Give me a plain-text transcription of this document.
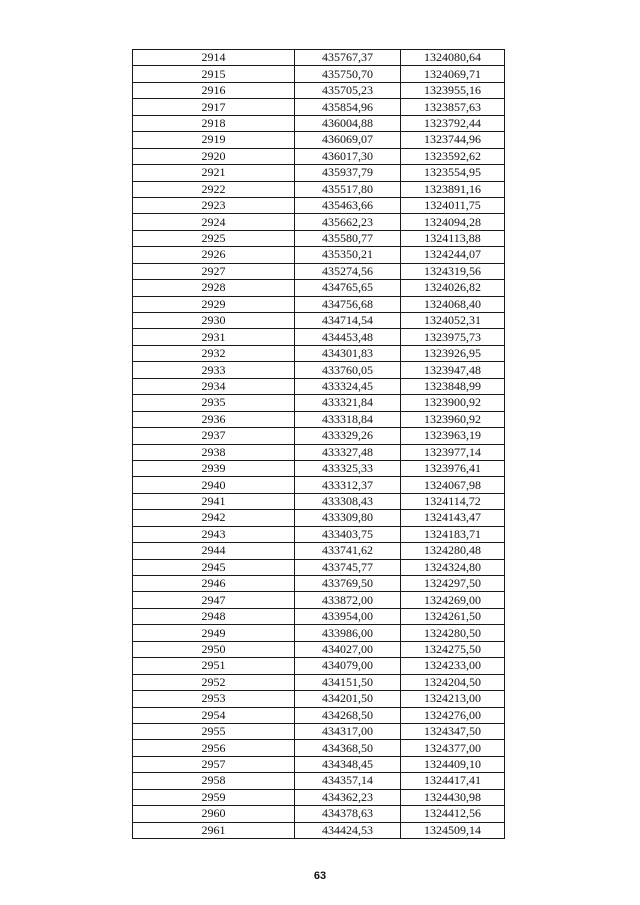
2914	435767,37	1324080,64
2915	435750,70	1324069,71
2916	435705,23	1323955,16
2917	435854,96	1323857,63
2918	436004,88	1323792,44
2919	436069,07	1323744,96
2920	436017,30	1323592,62
2921	435937,79	1323554,95
2922	435517,80	1323891,16
2923	435463,66	1324011,75
2924	435662,23	1324094,28
2925	435580,77	1324113,88
2926	435350,21	1324244,07
2927	435274,56	1324319,56
2928	434765,65	1324026,82
2929	434756,68	1324068,40
2930	434714,54	1324052,31
2931	434453,48	1323975,73
2932	434301,83	1323926,95
2933	433760,05	1323947,48
2934	433324,45	1323848,99
2935	433321,84	1323900,92
2936	433318,84	1323960,92
2937	433329,26	1323963,19
2938	433327,48	1323977,14
2939	433325,33	1323976,41
2940	433312,37	1324067,98
2941	433308,43	1324114,72
2942	433309,80	1324143,47
2943	433403,75	1324183,71
2944	433741,62	1324280,48
2945	433745,77	1324324,80
2946	433769,50	1324297,50
2947	433872,00	1324269,00
2948	433954,00	1324261,50
2949	433986,00	1324280,50
2950	434027,00	1324275,50
2951	434079,00	1324233,00
2952	434151,50	1324204,50
2953	434201,50	1324213,00
2954	434268,50	1324276,00
2955	434317,00	1324347,50
2956	434368,50	1324377,00
2957	434348,45	1324409,10
2958	434357,14	1324417,41
2959	434362,23	1324430,98
2960	434378,63	1324412,56
2961	434424,53	1324509,14
63
